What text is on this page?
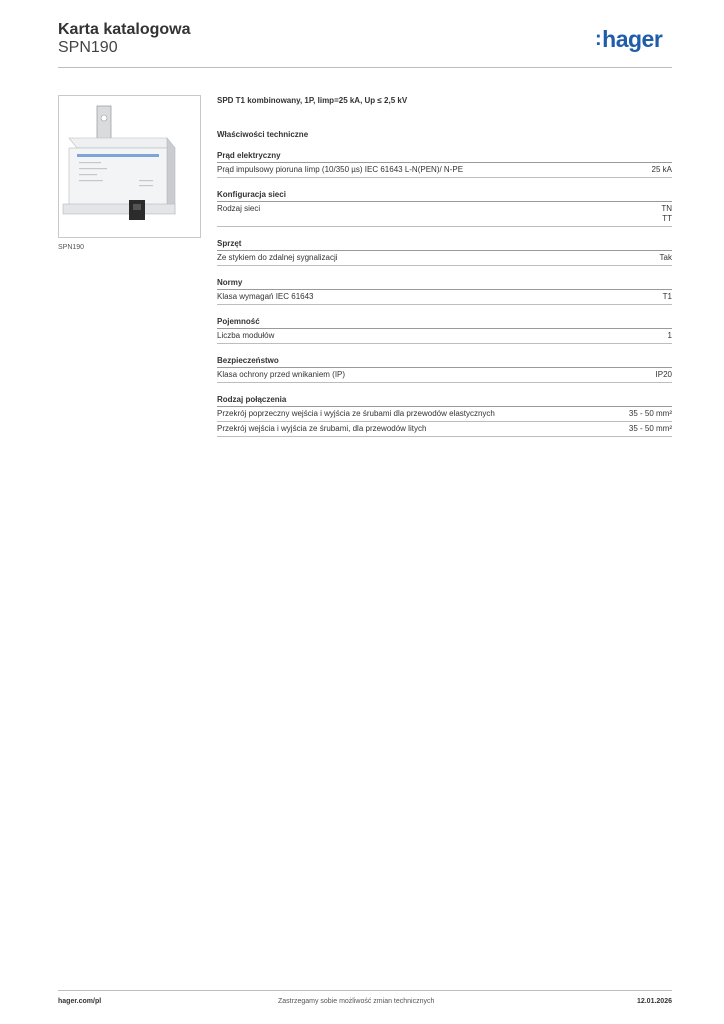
Karta katalogowa
SPN190	:hager
SPN190
SPD T1 kombinowany, 1P, Iimp=25 kA, Up ≤ 2,5 kV
Właściwości techniczne
Prąd elektryczny
Prąd impulsowy pioruna Iimp (10/350 µs) IEC 61643 L-N(PEN)/ N-PE	25 kA
Konfiguracja sieci
Rodzaj sieci	TN
TT
Sprzęt
Ze stykiem do zdalnej sygnalizacji	Tak
Normy
Klasa wymagań IEC 61643	T1
Pojemność
Liczba modułów	1
Bezpieczeństwo
Klasa ochrony przed wnikaniem (IP)	IP20
Rodzaj połączenia
Przekrój poprzeczny wejścia i wyjścia ze śrubami dla przewodów elastycznych	35 - 50 mm²
Przekrój wejścia i wyjścia ze śrubami, dla przewodów litych	35 - 50 mm²
hager.com/pl	Zastrzegamy sobie możliwość zmian technicznych	12.01.2026
